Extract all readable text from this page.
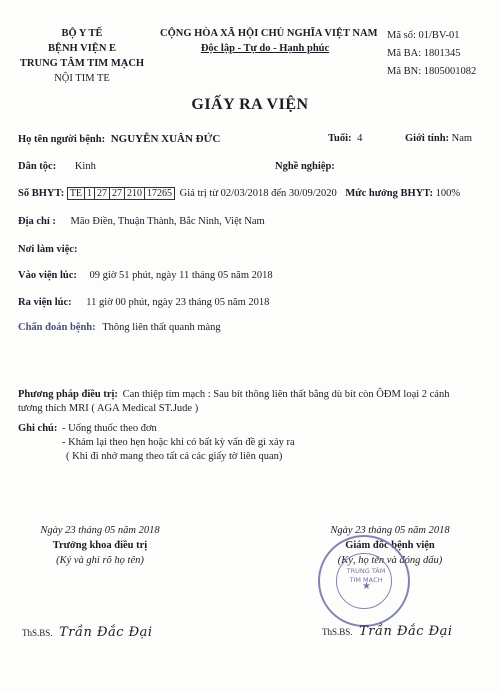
BỘ Y TẾ
BỆNH VIỆN E
TRUNG TÂM TIM MẠCH
NỘI TIM TE
CỘNG HÒA XÃ HỘI CHỦ NGHĨA VIỆT NAM
Độc lập - Tự do - Hạnh phúc
Mã số: 01/BV-01
Mã BA: 1801345
Mã BN: 1805001082
GIẤY RA VIỆN
Họ tên người bệnh: NGUYỄN XUÂN ĐỨC	Tuổi: 4	Giới tính: Nam
Dân tộc: Kinh	Nghề nghiệp:
Số BHYT: TE 1 27 27 210 17265 Giá trị từ 02/03/2018 đến 30/09/2020 Mức hưởng BHYT: 100%
Địa chỉ : Mão Điền, Thuận Thành, Bắc Ninh, Việt Nam
Nơi làm việc:
Vào viện lúc: 09 giờ 51 phút, ngày 11 tháng 05 năm 2018
Ra viện lúc: 11 giờ 00 phút, ngày 23 tháng 05 năm 2018
Chẩn đoán bệnh: Thông liên thất quanh màng
Phương pháp điều trị: Can thiệp tim mạch : Sau bít thông liên thất bằng dù bít còn ÔĐM loại 2 cánh
tương thích MRI ( AGA Medical ST.Jude )
Ghi chú: - Uống thuốc theo đơn
- Khám lại theo hẹn hoặc khi có bất kỳ vấn đề gì xảy ra
( Khi đi nhớ mang theo tất cả các giấy tờ liên quan)
Ngày 23 tháng 05 năm 2018
Trưởng khoa điều trị
(Ký và ghi rõ họ tên)
ThS.BS. Trần Đắc Đại
Ngày 23 tháng 05 năm 2018
Giám đốc bệnh viện
(Ký, họ tên và đóng dấu)
TRUNG TÂM TIM MẠCH
★
ThS.BS. Trần Đắc Đại
